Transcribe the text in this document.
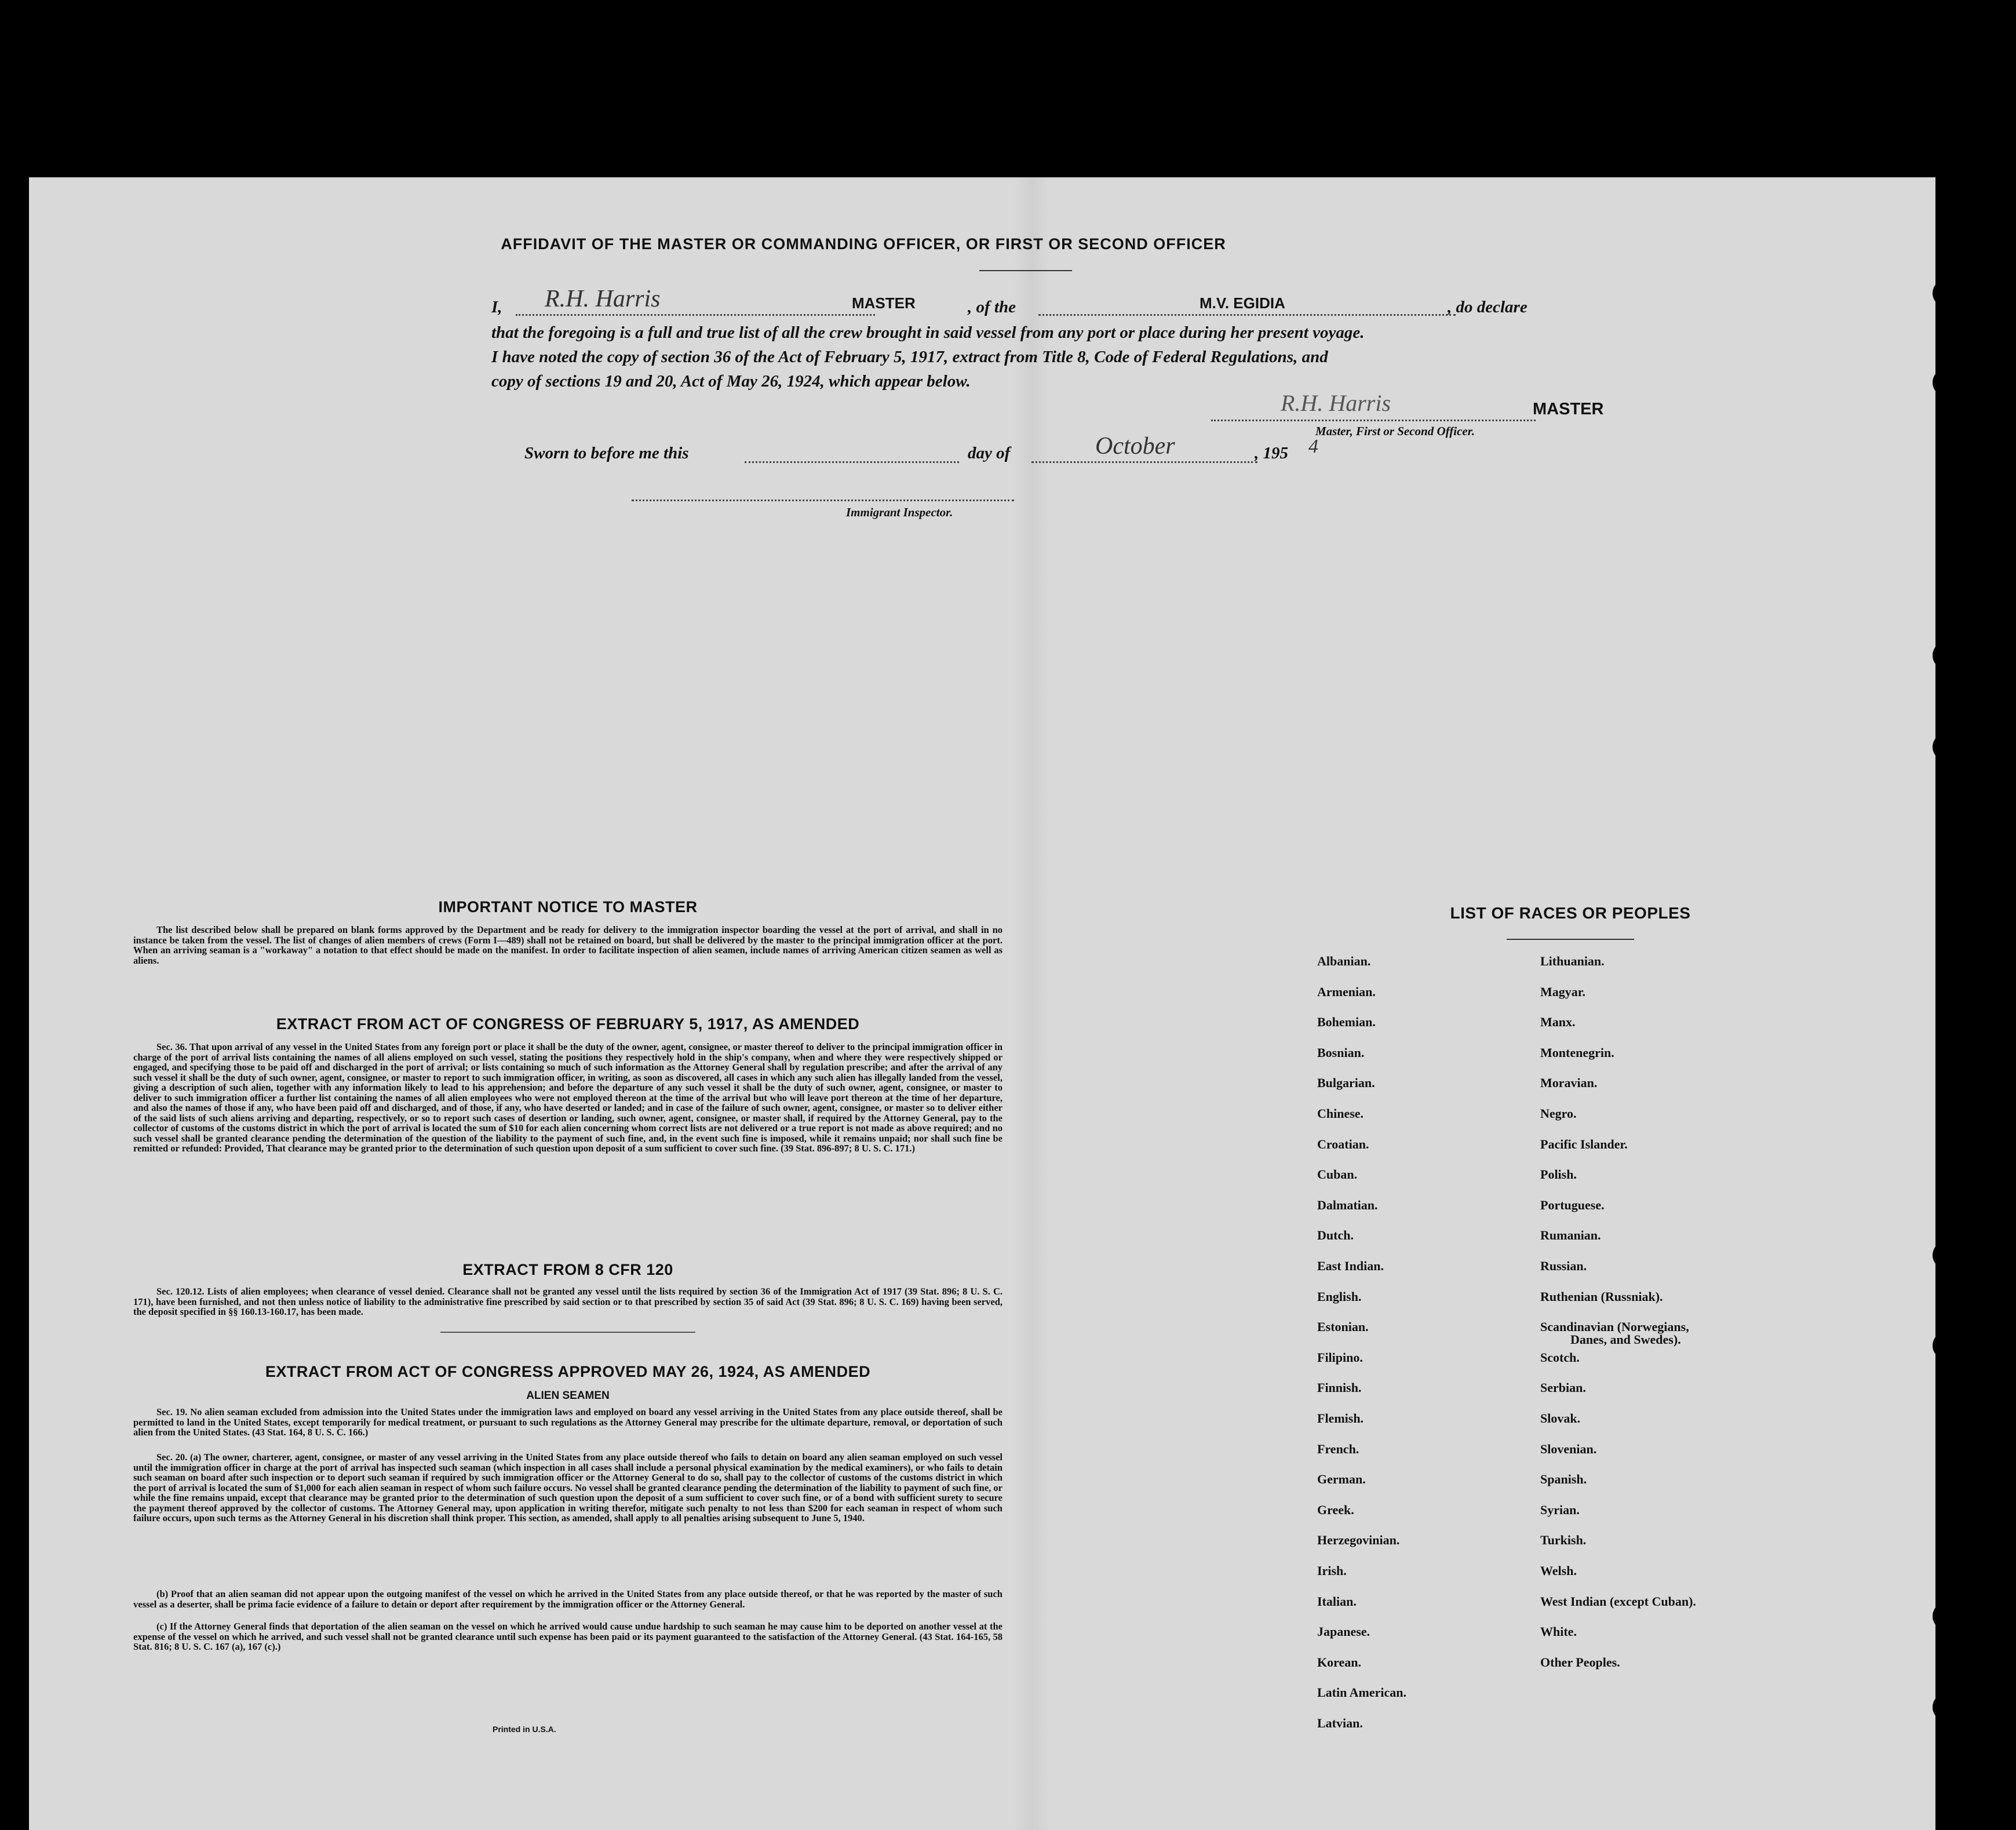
AFFIDAVIT OF THE MASTER OR COMMANDING OFFICER, OR FIRST OR SECOND OFFICER
I, R.H. Harris	MASTER	, of the	M.V. EGIDIA	, do declare
that the foregoing is a full and true list of all the crew brought in said vessel from any port or place during her present voyage.
I have noted the copy of section 36 of the Act of February 5, 1917, extract from Title 8, Code of Federal Regulations, and
copy of sections 19 and 20, Act of May 26, 1924, which appear below.
R.H. Harris	MASTER
Master, First or Second Officer.
Sworn to before me this	day of	October	, 195 4
Immigrant Inspector.
IMPORTANT NOTICE TO MASTER
The list described below shall be prepared on blank forms approved by the Department and be ready for delivery to the immigration inspector boarding the vessel at the port of arrival, and shall in no instance be taken from the vessel. The list of changes of alien members of crews (Form I—489) shall not be retained on board, but shall be delivered by the master to the principal immigration officer at the port. When an arriving seaman is a "workaway" a notation to that effect should be made on the manifest. In order to facilitate inspection of alien seamen, include names of arriving American citizen seamen as well as aliens.
EXTRACT FROM ACT OF CONGRESS OF FEBRUARY 5, 1917, AS AMENDED
Sec. 36. That upon arrival of any vessel in the United States from any foreign port or place it shall be the duty of the owner, agent, consignee, or master thereof to deliver to the principal immigration officer in charge of the port of arrival lists containing the names of all aliens employed on such vessel, stating the positions they respectively hold in the ship's company, when and where they were respectively shipped or engaged, and specifying those to be paid off and discharged in the port of arrival; or lists containing so much of such information as the Attorney General shall by regulation prescribe; and after the arrival of any such vessel it shall be the duty of such owner, agent, consignee, or master to report to such immigration officer, in writing, as soon as discovered, all cases in which any such alien has illegally landed from the vessel, giving a description of such alien, together with any information likely to lead to his apprehension; and before the departure of any such vessel it shall be the duty of such owner, agent, consignee, or master to deliver to such immigration officer a further list containing the names of all alien employees who were not employed thereon at the time of the arrival but who will leave port thereon at the time of her departure, and also the names of those if any, who have been paid off and discharged, and of those, if any, who have deserted or landed; and in case of the failure of such owner, agent, consignee, or master so to deliver either of the said lists of such aliens arriving and departing, respectively, or so to report such cases of desertion or landing, such owner, agent, consignee, or master shall, if required by the Attorney General, pay to the collector of customs of the customs district in which the port of arrival is located the sum of $10 for each alien concerning whom correct lists are not delivered or a true report is not made as above required; and no such vessel shall be granted clearance pending the determination of the question of the liability to the payment of such fine, and, in the event such fine is imposed, while it remains unpaid; nor shall such fine be remitted or refunded: Provided, That clearance may be granted prior to the determination of such question upon deposit of a sum sufficient to cover such fine. (39 Stat. 896-897; 8 U. S. C. 171.)
EXTRACT FROM 8 CFR 120
Sec. 120.12. Lists of alien employees; when clearance of vessel denied. Clearance shall not be granted any vessel until the lists required by section 36 of the Immigration Act of 1917 (39 Stat. 896; 8 U. S. C. 171), have been furnished, and not then unless notice of liability to the administrative fine prescribed by said section or to that prescribed by section 35 of said Act (39 Stat. 896; 8 U. S. C. 169) having been served, the deposit specified in §§ 160.13-160.17, has been made.
EXTRACT FROM ACT OF CONGRESS APPROVED MAY 26, 1924, AS AMENDED
ALIEN SEAMEN
Sec. 19. No alien seaman excluded from admission into the United States under the immigration laws and employed on board any vessel arriving in the United States from any place outside thereof, shall be permitted to land in the United States, except temporarily for medical treatment, or pursuant to such regulations as the Attorney General may prescribe for the ultimate departure, removal, or deportation of such alien from the United States. (43 Stat. 164, 8 U. S. C. 166.)
Sec. 20. (a) The owner, charterer, agent, consignee, or master of any vessel arriving in the United States from any place outside thereof who fails to detain on board any alien seaman employed on such vessel until the immigration officer in charge at the port of arrival has inspected such seaman (which inspection in all cases shall include a personal physical examination by the medical examiners), or who fails to detain such seaman on board after such inspection or to deport such seaman if required by such immigration officer or the Attorney General to do so, shall pay to the collector of customs of the customs district in which the port of arrival is located the sum of $1,000 for each alien seaman in respect of whom such failure occurs. No vessel shall be granted clearance pending the determination of the liability to payment of such fine, or while the fine remains unpaid, except that clearance may be granted prior to the determination of such question upon the deposit of a sum sufficient to cover such fine, or of a bond with sufficient surety to secure the payment thereof approved by the collector of customs. The Attorney General may, upon application in writing therefor, mitigate such penalty to not less than $200 for each seaman in respect of whom such failure occurs, upon such terms as the Attorney General in his discretion shall think proper. This section, as amended, shall apply to all penalties arising subsequent to June 5, 1940.
(b) Proof that an alien seaman did not appear upon the outgoing manifest of the vessel on which he arrived in the United States from any place outside thereof, or that he was reported by the master of such vessel as a deserter, shall be prima facie evidence of a failure to detain or deport after requirement by the immigration officer or the Attorney General.
(c) If the Attorney General finds that deportation of the alien seaman on the vessel on which he arrived would cause undue hardship to such seaman he may cause him to be deported on another vessel at the expense of the vessel on which he arrived, and such vessel shall not be granted clearance until such expense has been paid or its payment guaranteed to the satisfaction of the Attorney General. (43 Stat. 164-165, 58 Stat. 816; 8 U. S. C. 167 (a), 167 (c).)
Printed in U.S.A.
LIST OF RACES OR PEOPLES
Albanian.
Armenian.
Bohemian.
Bosnian.
Bulgarian.
Chinese.
Croatian.
Cuban.
Dalmatian.
Dutch.
East Indian.
English.
Estonian.
Filipino.
Finnish.
Flemish.
French.
German.
Greek.
Herzegovinian.
Irish.
Italian.
Japanese.
Korean.
Latin American.
Latvian.
Lithuanian.
Magyar.
Manx.
Montenegrin.
Moravian.
Negro.
Pacific Islander.
Polish.
Portuguese.
Rumanian.
Russian.
Ruthenian (Russniak).
Scandinavian (Norwegians,
Danes, and Swedes).
Scotch.
Serbian.
Slovak.
Slovenian.
Spanish.
Syrian.
Turkish.
Welsh.
West Indian (except Cuban).
White.
Other Peoples.
